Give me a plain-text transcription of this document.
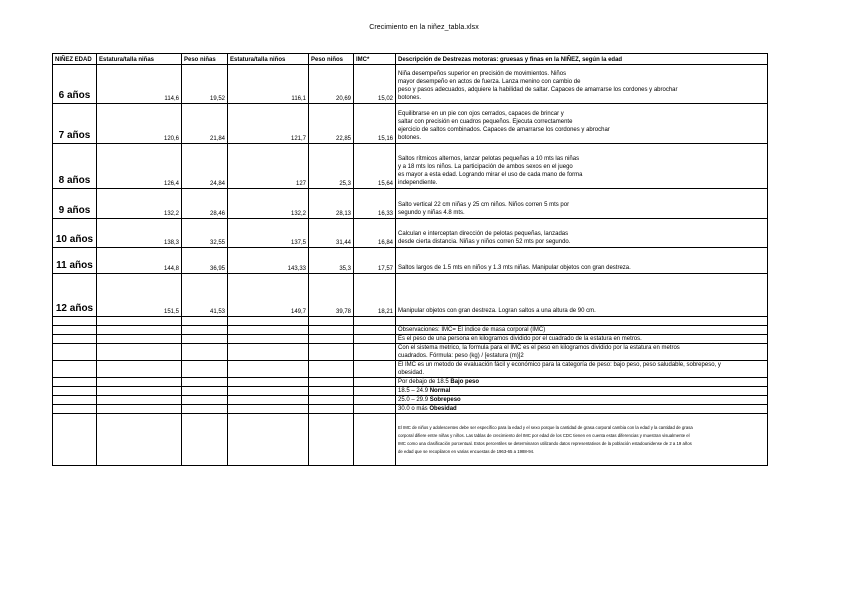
Crecimiento en la niñez_tabla.xlsx
NIÑEZ EDAD	Estatura/talla niñas	Peso niñas	Estatura/talla niños	Peso niños	IMC*	Descripción de Destrezas motoras: gruesas y finas en la NIÑEZ, según la edad
6 años	114,6	19,52	116,1	20,69	15,02	Niña desempeños superior en precisión de movimientos. Niños
mayor desempeño en actos de fuerza. Lanza menino con cambio de
peso y pasos adecuados, adquiere la habilidad de saltar. Capaces de amarrarse los cordones y abrochar
botones.

7 años	120,6	21,84	121,7	22,85	15,16	Equilibrarse en un pie con ojos cerrados, capaces de brincar y
saltar con precisión en cuadros pequeños. Ejecuta correctamente
ejercicio de saltos combinados. Capaces de amarrarse los cordones y abrochar
botones.

8 años	126,4	24,84	127	25,3	15,64	Saltos rítmicos alternos, lanzar pelotas pequeñas a 10 mts las niñas
y a 18 mts los niños. La participación de ambos sexos en el juego
es mayor a esta edad. Logrando mirar el uso de cada mano de forma
independiente.

9 años	132,2	28,46	132,2	28,13	16,33	Salto vertical 22 cm niñas y 25 cm niños. Niños corren 5 mts por
segundo y niñas 4.8 mts.

10 años	138,3	32,55	137,5	31,44	16,84	Calculan e interceptan dirección de pelotas pequeñas, lanzadas
desde cierta distancia. Niñas y niños corren 52 mts por segundo.

11 años	144,8	36,95	143,33	35,3	17,57	Saltos largos de 1.5 mts en niños y 1.3 mts niñas. Manipular objetos con gran destreza.

12 años	151,5	41,53	149,7	39,78	18,21	Manipular objetos con gran destreza. Logran saltos a una altura de 90 cm.

						Observaciones: IMC= El índice de masa corporal (IMC)

						Es el peso de una persona en kilogramos dividido por el cuadrado de la estatura en metros.

						Con el sistema metrico, la formula para el IMC es el peso en kilogramos dividido por la estatura en metros
cuadrados. Fórmula: peso (kg) / [estatura (m)]2

						El IMC es un metodo de evaluación fácil y económico para la categoría de peso: bajo peso, peso saludable, sobrepeso, y
obesidad.

						Por debajo de 18.5 Bajo peso
						18.5 – 24.9 Normal
						25.0 – 29.9 Sobrepeso
						30.0 o más Obesidad

						El IMC de niños y adolescentes debe ser específico para la edad y el sexo porque la cantidad de grasa corporal cambia con la edad y la cantidad de grasa
corporal difiere entre niñas y niños. Las tablas de crecimiento del IMC por edad de los CDC tienen en cuenta estas diferencias y muestran visualmente el
IMC como una clasificación porcentual. Estos percentiles se determinaron utilizando datos representativos de la población estadounidense de 2 a 19 años
de edad que se recopilaron en varias encuestas de 1963-65 a 1988-94.
